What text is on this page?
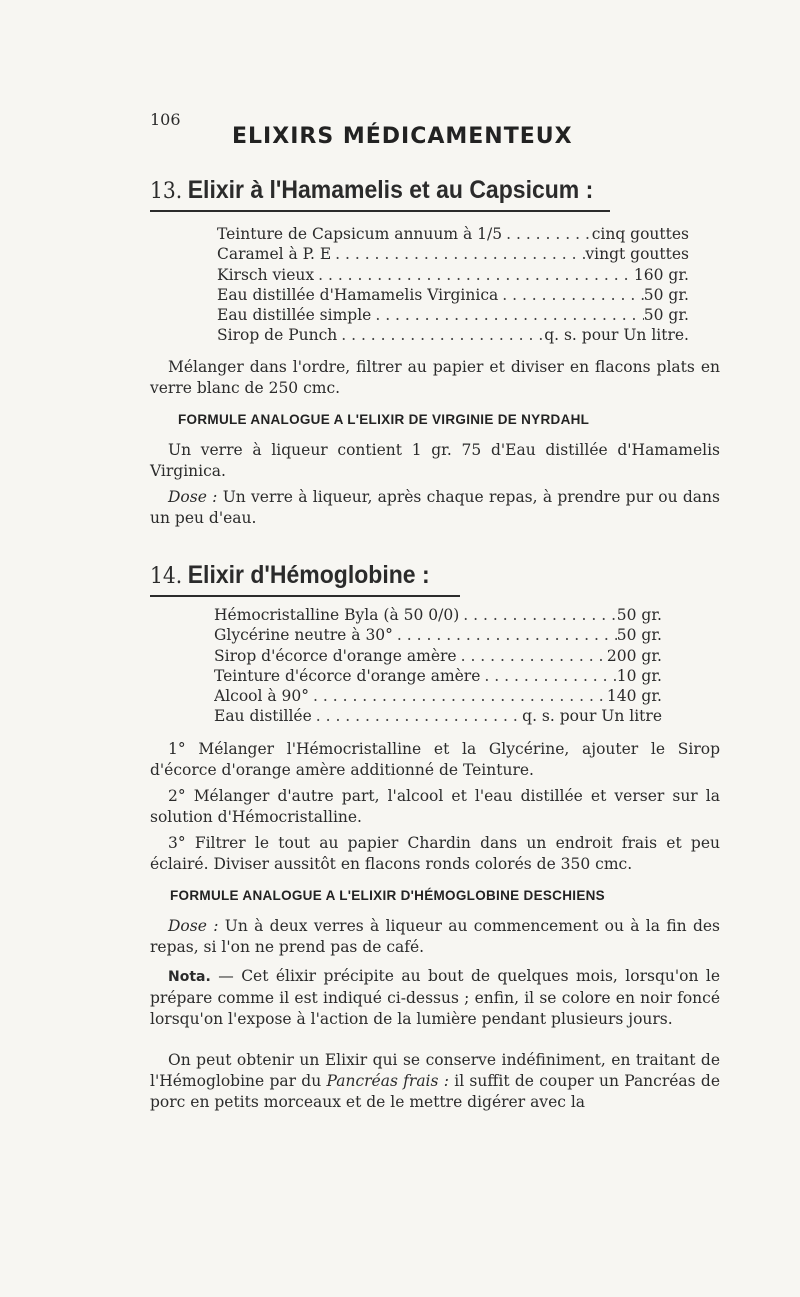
106
ELIXIRS MÉDICAMENTEUX
13. Elixir à l'Hamamelis et au Capsicum :
Teinture de Capsicum annuum à 1/5 . . .	cinq gouttes
Caramel à P. E . . .	vingt gouttes
Kirsch vieux . . .	160 gr.
Eau distillée d'Hamamelis Virginica . . .	50 gr.
Eau distillée simple . . .	50 gr.
Sirop de Punch . . .	q. s. pour Un litre.
Mélanger dans l'ordre, filtrer au papier et diviser en flacons plats en verre blanc de 250 cmc.
FORMULE ANALOGUE A L'ELIXIR DE VIRGINIE DE NYRDAHL
Un verre à liqueur contient 1 gr. 75 d'Eau distillée d'Hamamelis Virginica.
Dose : Un verre à liqueur, après chaque repas, à prendre pur ou dans un peu d'eau.
14. Elixir d'Hémoglobine :
Hémocristalline Byla (à 50 0/0) . . .	50 gr.
Glycérine neutre à 30° . . .	50 gr.
Sirop d'écorce d'orange amère . . .	200 gr.
Teinture d'écorce d'orange amère . . .	10 gr.
Alcool à 90° . . .	140 gr.
Eau distillée . . .	q. s. pour Un litre
1° Mélanger l'Hémocristalline et la Glycérine, ajouter le Sirop d'écorce d'orange amère additionné de Teinture.
2° Mélanger d'autre part, l'alcool et l'eau distillée et verser sur la solution d'Hémocristalline.
3° Filtrer le tout au papier Chardin dans un endroit frais et peu éclairé. Diviser aussitôt en flacons ronds colorés de 350 cmc.
FORMULE ANALOGUE A L'ELIXIR D'HÉMOGLOBINE DESCHIENS
Dose : Un à deux verres à liqueur au commencement ou à la fin des repas, si l'on ne prend pas de café.
Nota. — Cet élixir précipite au bout de quelques mois, lorsqu'on le prépare comme il est indiqué ci-dessus ; enfin, il se colore en noir foncé lorsqu'on l'expose à l'action de la lumière pendant plusieurs jours.
On peut obtenir un Elixir qui se conserve indéfiniment, en traitant de l'Hémoglobine par du Pancréas frais : il suffit de couper un Pancréas de porc en petits morceaux et de le mettre digérer avec la
